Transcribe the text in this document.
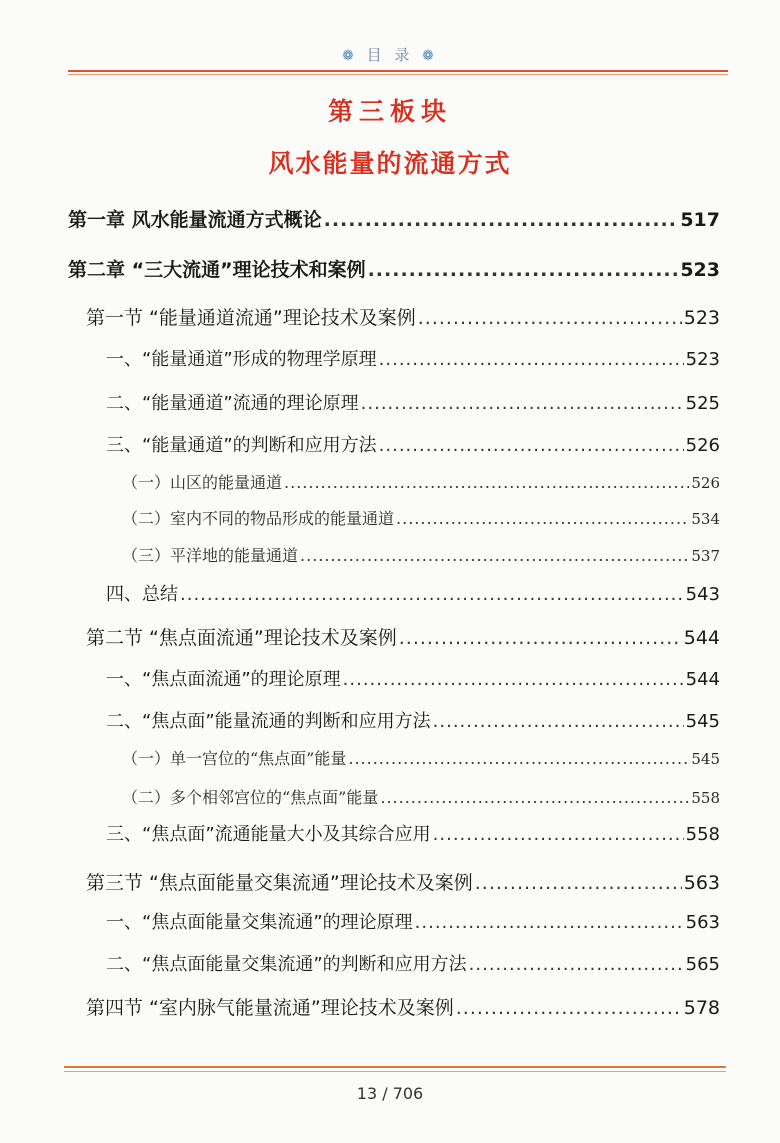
❁ 目 录 ❁
第三板块
风水能量的流通方式
第一章 风水能量流通方式概论 .....	517
第二章 “三大流通”理论技术和案例 .....	523
第一节 “能量通道流通”理论技术及案例 .....	523
一、“能量通道”形成的物理学原理 .....	523
二、“能量通道”流通的理论原理 .....	525
三、“能量通道”的判断和应用方法 .....	526
（一）山区的能量通道 .....	526
（二）室内不同的物品形成的能量通道 .....	534
（三）平洋地的能量通道 .....	537
四、总结 .....	543
第二节 “焦点面流通”理论技术及案例 .....	544
一、“焦点面流通”的理论原理 .....	544
二、“焦点面”能量流通的判断和应用方法 .....	545
（一）单一宫位的“焦点面”能量 .....	545
（二）多个相邻宫位的“焦点面”能量 .....	558
三、“焦点面”流通能量大小及其综合应用 .....	558
第三节 “焦点面能量交集流通”理论技术及案例 .....	563
一、“焦点面能量交集流通”的理论原理 .....	563
二、“焦点面能量交集流通”的判断和应用方法 .....	565
第四节 “室内脉气能量流通”理论技术及案例 .....	578
13 / 706
